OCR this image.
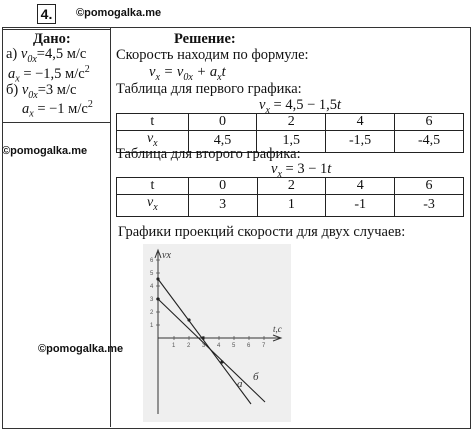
4.	©pomogalka.me
Дано:
а) $v_{0x}=4,5$ м/с
$a_x = -1,5$ $м/с^2$
б) $v_{0x}=3$ м/с
$a_x = -1$ $м/с^2$
©pomogalka.me
©pomogalka.me
Решение:
Скорость находим по формуле:
$v_x = v_{0x} + a_xt$
Таблица для первого графика:
$v_x = 4,5 - 1,5t$
t	0	2	4	6
$v_x$	4,5	1,5	-1,5	-4,5
Таблица для второго графика:
$v_x = 3 - 1t$
t	0	2	4	6
$v_x$	3	1	-1	-3
Графики проекций скорости для двух случаев:
1 2 3 4 5 6 7
1
2
3
4
5
6 vx
t,c
а
б
